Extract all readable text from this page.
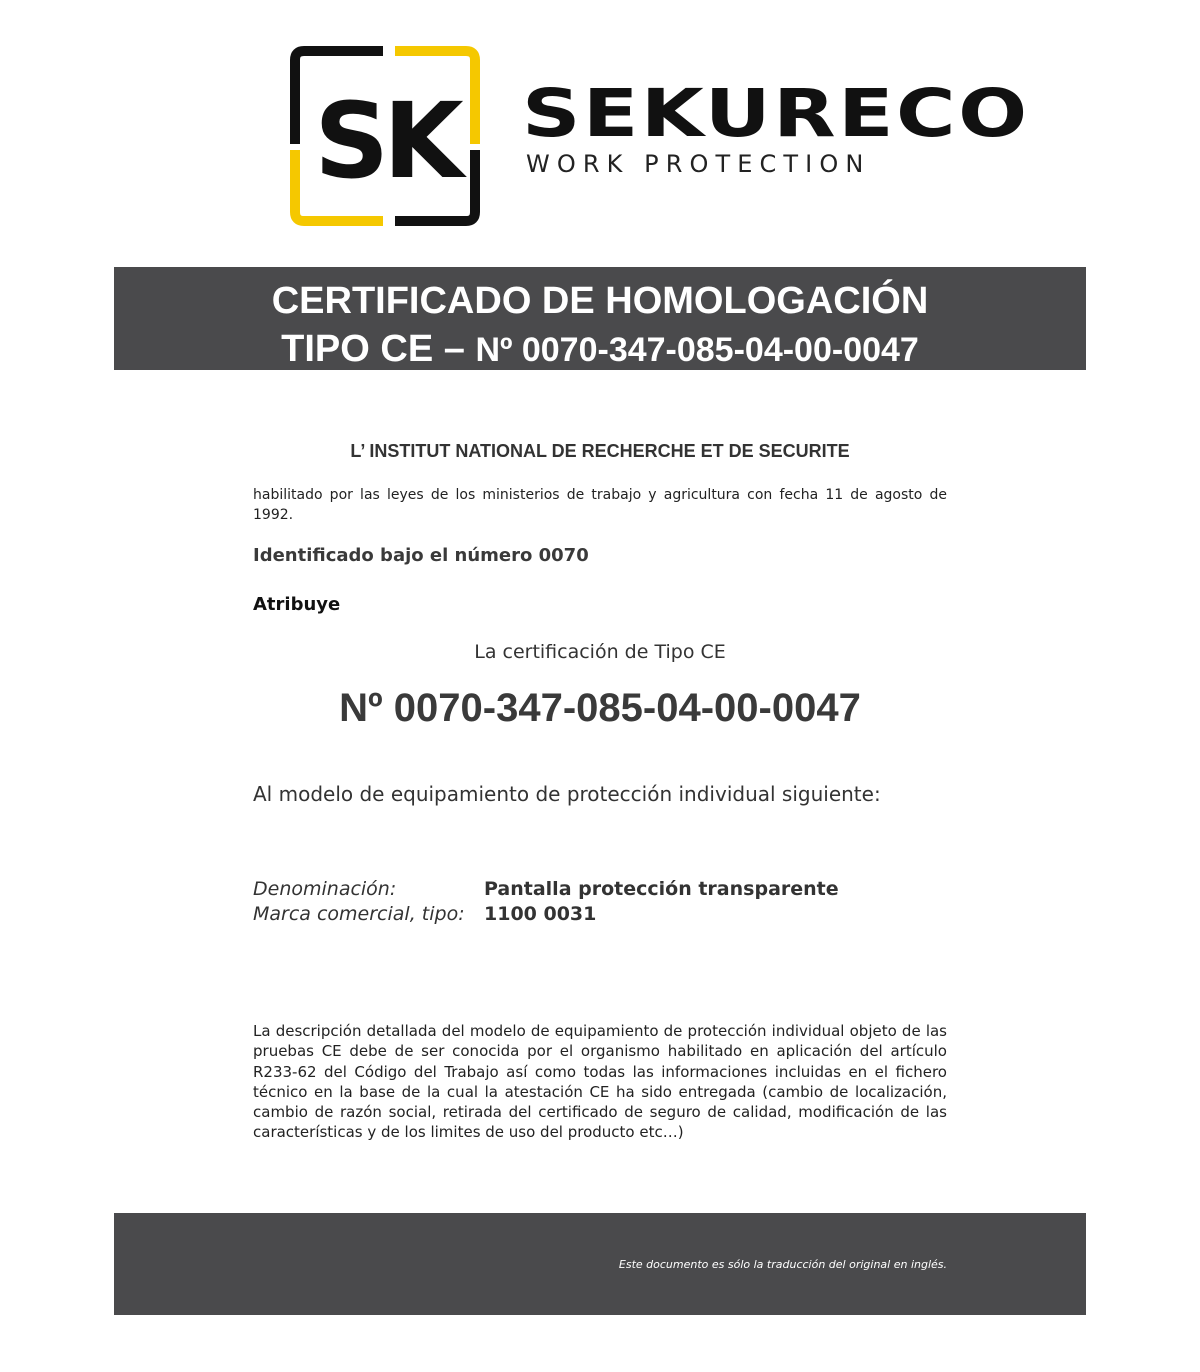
SK SEKURECO
WORK PROTECTION
CERTIFICADO DE HOMOLOGACIÓN
TIPO CE – Nº 0070-347-085-04-00-0047
L’ INSTITUT NATIONAL DE RECHERCHE ET DE SECURITE
habilitado por las leyes de los ministerios de trabajo y agricultura con fecha 11 de agosto de 1992.
Identificado bajo el número 0070
Atribuye
La certificación de Tipo CE
Nº 0070-347-085-04-00-0047
Al modelo de equipamiento de protección individual siguiente:
Denominación:	Pantalla protección transparente
Marca comercial, tipo: 1100 0031
La descripción detallada del modelo de equipamiento de protección individual objeto de las pruebas CE debe de ser conocida por el organismo habilitado en aplicación del artículo R233-62 del Código del Trabajo así como todas las informaciones incluidas en el fichero técnico en la base de la cual la atestación CE ha sido entregada (cambio de localización, cambio de razón social, retirada del certificado de seguro de calidad, modificación de las características y de los limites de uso del producto etc…)
Este documento es sólo la traducción del original en inglés.
